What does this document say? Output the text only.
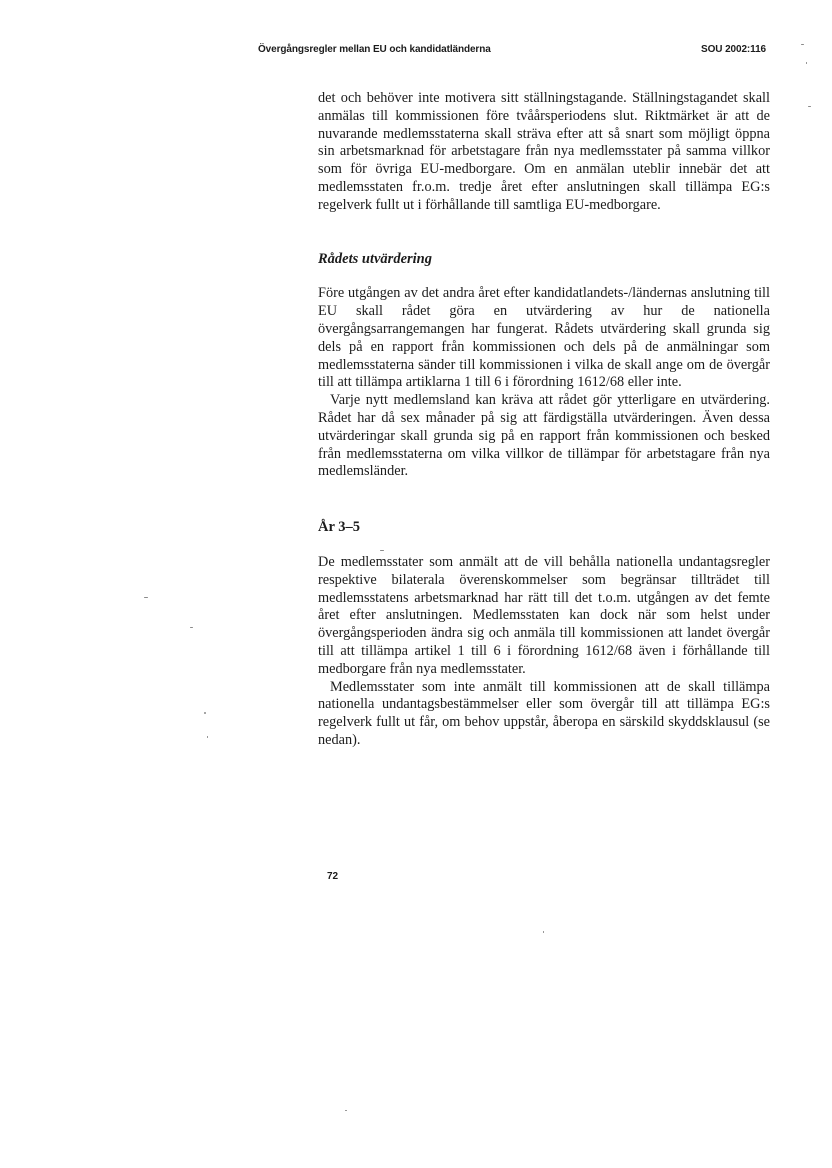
Övergångsregler mellan EU och kandidatländerna	SOU 2002:116

det och behöver inte motivera sitt ställningstagande. Ställningstagandet skall anmälas till kommissionen före tvåårsperiodens slut. Riktmärket är att de nuvarande medlemsstaterna skall sträva efter att så snart som möjligt öppna sin arbetsmarknad för arbetstagare från nya medlemsstater på samma villkor som för övriga EU-medborgare. Om en anmälan uteblir innebär det att medlemsstaten fr.o.m. tredje året efter anslutningen skall tillämpa EG:s regelverk fullt ut i förhållande till samtliga EU-medborgare.

Rådets utvärdering

Före utgången av det andra året efter kandidatlandets-/ländernas anslutning till EU skall rådet göra en utvärdering av hur de nationella övergångsarrangemangen har fungerat. Rådets utvärdering skall grunda sig dels på en rapport från kommissionen och dels på de anmälningar som medlemsstaterna sänder till kommissionen i vilka de skall ange om de övergår till att tillämpa artiklarna 1 till 6 i förordning 1612/68 eller inte.

Varje nytt medlemsland kan kräva att rådet gör ytterligare en utvärdering. Rådet har då sex månader på sig att färdigställa utvärderingen. Även dessa utvärderingar skall grunda sig på en rapport från kommissionen och besked från medlemsstaterna om vilka villkor de tillämpar för arbetstagare från nya medlemsländer.

År 3–5

De medlemsstater som anmält att de vill behålla nationella undantagsregler respektive bilaterala överenskommelser som begränsar tillträdet till medlemsstatens arbetsmarknad har rätt till det t.o.m. utgången av det femte året efter anslutningen. Medlemsstaten kan dock när som helst under övergångsperioden ändra sig och anmäla till kommissionen att landet övergår till att tillämpa artikel 1 till 6 i förordning 1612/68 även i förhållande till medborgare från nya medlemsstater.

Medlemsstater som inte anmält till kommissionen att de skall tillämpa nationella undantagsbestämmelser eller som övergår till att tillämpa EG:s regelverk fullt ut får, om behov uppstår, åberopa en särskild skyddsklausul (se nedan).

72
